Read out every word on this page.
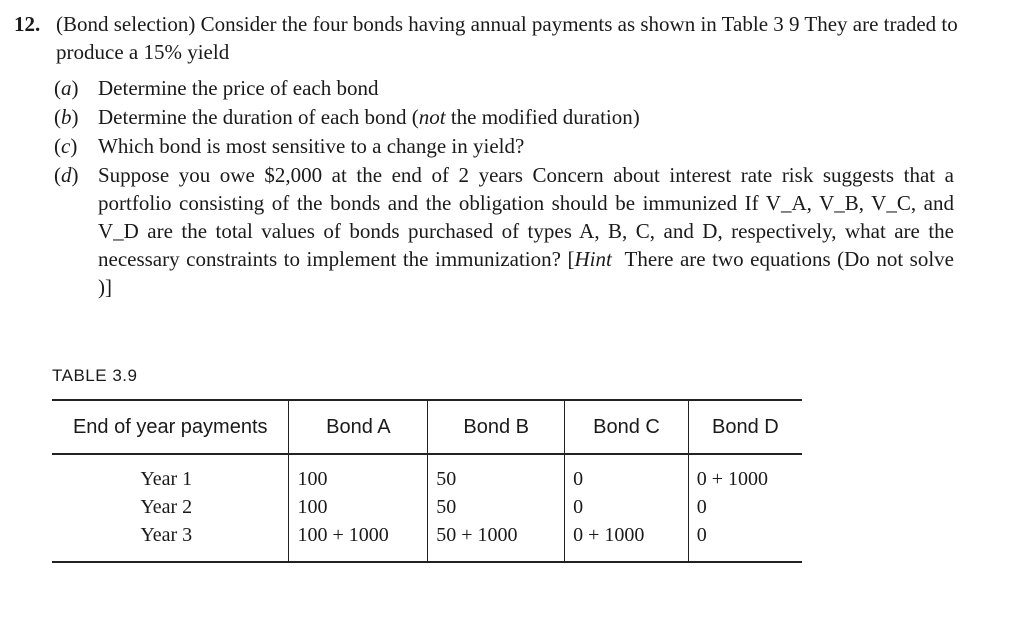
12. (Bond selection) Consider the four bonds having annual payments as shown in Table 3 9 They are traded to produce a 15% yield
(a) Determine the price of each bond
(b) Determine the duration of each bond (not the modified duration)
(c) Which bond is most sensitive to a change in yield?
(d) Suppose you owe $2,000 at the end of 2 years Concern about interest rate risk suggests that a portfolio consisting of the bonds and the obligation should be immunized If V_A, V_B, V_C, and V_D are the total values of bonds purchased of types A, B, C, and D, respectively, what are the necessary constraints to implement the immunization? [Hint There are two equations (Do not solve )]
TABLE 3.9
End of year payments	Bond A	Bond B	Bond C	Bond D
Year 1	100	50	0	0 + 1000
Year 2	100	50	0	0
Year 3	100 + 1000	50 + 1000	0 + 1000	0
